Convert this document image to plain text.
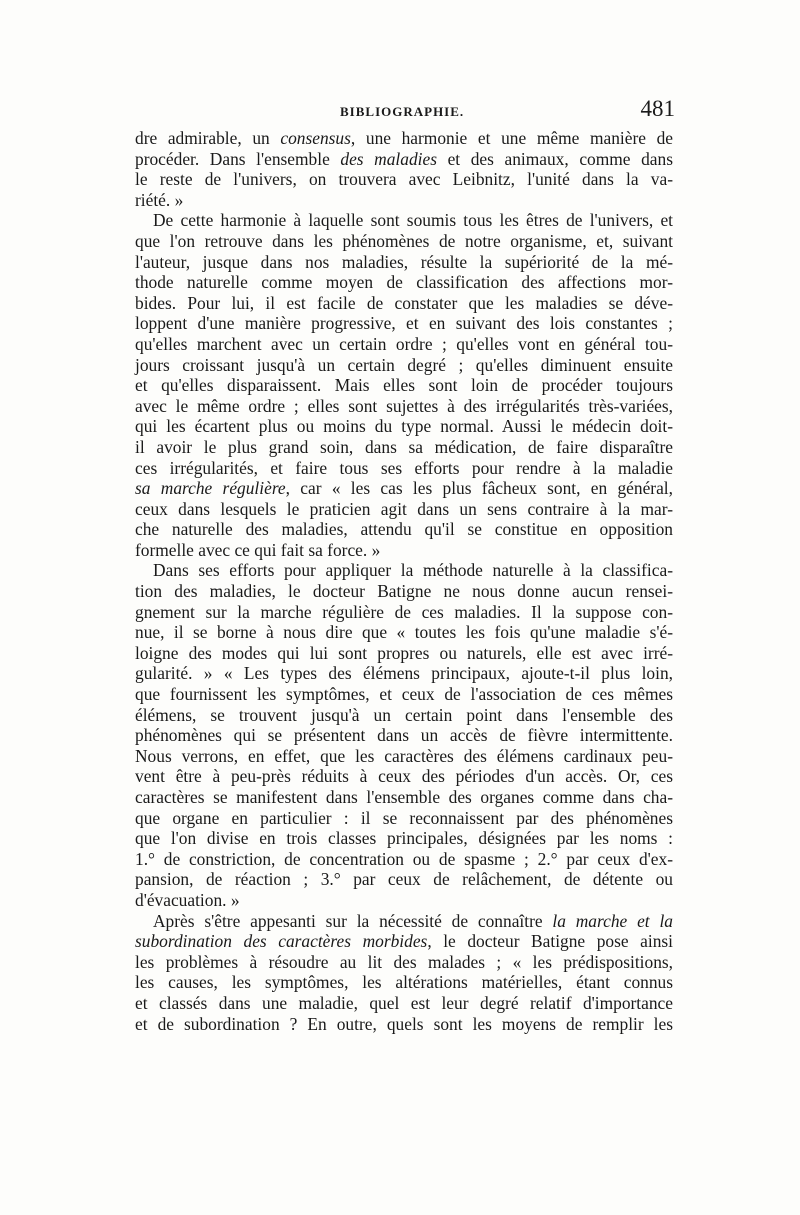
BIBLIOGRAPHIE.	481
dre admirable, un consensus, une harmonie et une même manière de
procéder. Dans l'ensemble des maladies et des animaux, comme dans
le reste de l'univers, on trouvera avec Leibnitz, l'unité dans la va-
riété. »
De cette harmonie à laquelle sont soumis tous les êtres de l'univers, et
que l'on retrouve dans les phénomènes de notre organisme, et, suivant
l'auteur, jusque dans nos maladies, résulte la supériorité de la mé-
thode naturelle comme moyen de classification des affections mor-
bides. Pour lui, il est facile de constater que les maladies se déve-
loppent d'une manière progressive, et en suivant des lois constantes ;
qu'elles marchent avec un certain ordre ; qu'elles vont en général tou-
jours croissant jusqu'à un certain degré ; qu'elles diminuent ensuite
et qu'elles disparaissent. Mais elles sont loin de procéder toujours
avec le même ordre ; elles sont sujettes à des irrégularités très-variées,
qui les écartent plus ou moins du type normal. Aussi le médecin doit-
il avoir le plus grand soin, dans sa médication, de faire disparaître
ces irrégularités, et faire tous ses efforts pour rendre à la maladie
sa marche régulière, car « les cas les plus fâcheux sont, en général,
ceux dans lesquels le praticien agit dans un sens contraire à la mar-
che naturelle des maladies, attendu qu'il se constitue en opposition
formelle avec ce qui fait sa force. »
Dans ses efforts pour appliquer la méthode naturelle à la classifica-
tion des maladies, le docteur Batigne ne nous donne aucun rensei-
gnement sur la marche régulière de ces maladies. Il la suppose con-
nue, il se borne à nous dire que « toutes les fois qu'une maladie s'é-
loigne des modes qui lui sont propres ou naturels, elle est avec irré-
gularité. » « Les types des élémens principaux, ajoute-t-il plus loin,
que fournissent les symptômes, et ceux de l'association de ces mêmes
élémens, se trouvent jusqu'à un certain point dans l'ensemble des
phénomènes qui se présentent dans un accès de fièvre intermittente.
Nous verrons, en effet, que les caractères des élémens cardinaux peu-
vent être à peu-près réduits à ceux des périodes d'un accès. Or, ces
caractères se manifestent dans l'ensemble des organes comme dans cha-
que organe en particulier : il se reconnaissent par des phénomènes
que l'on divise en trois classes principales, désignées par les noms :
1.° de constriction, de concentration ou de spasme ; 2.° par ceux d'ex-
pansion, de réaction ; 3.° par ceux de relâchement, de détente ou
d'évacuation. »
Après s'être appesanti sur la nécessité de connaître la marche et la
subordination des caractères morbides, le docteur Batigne pose ainsi
les problèmes à résoudre au lit des malades ; « les prédispositions,
les causes, les symptômes, les altérations matérielles, étant connus
et classés dans une maladie, quel est leur degré relatif d'importance
et de subordination ? En outre, quels sont les moyens de remplir les
